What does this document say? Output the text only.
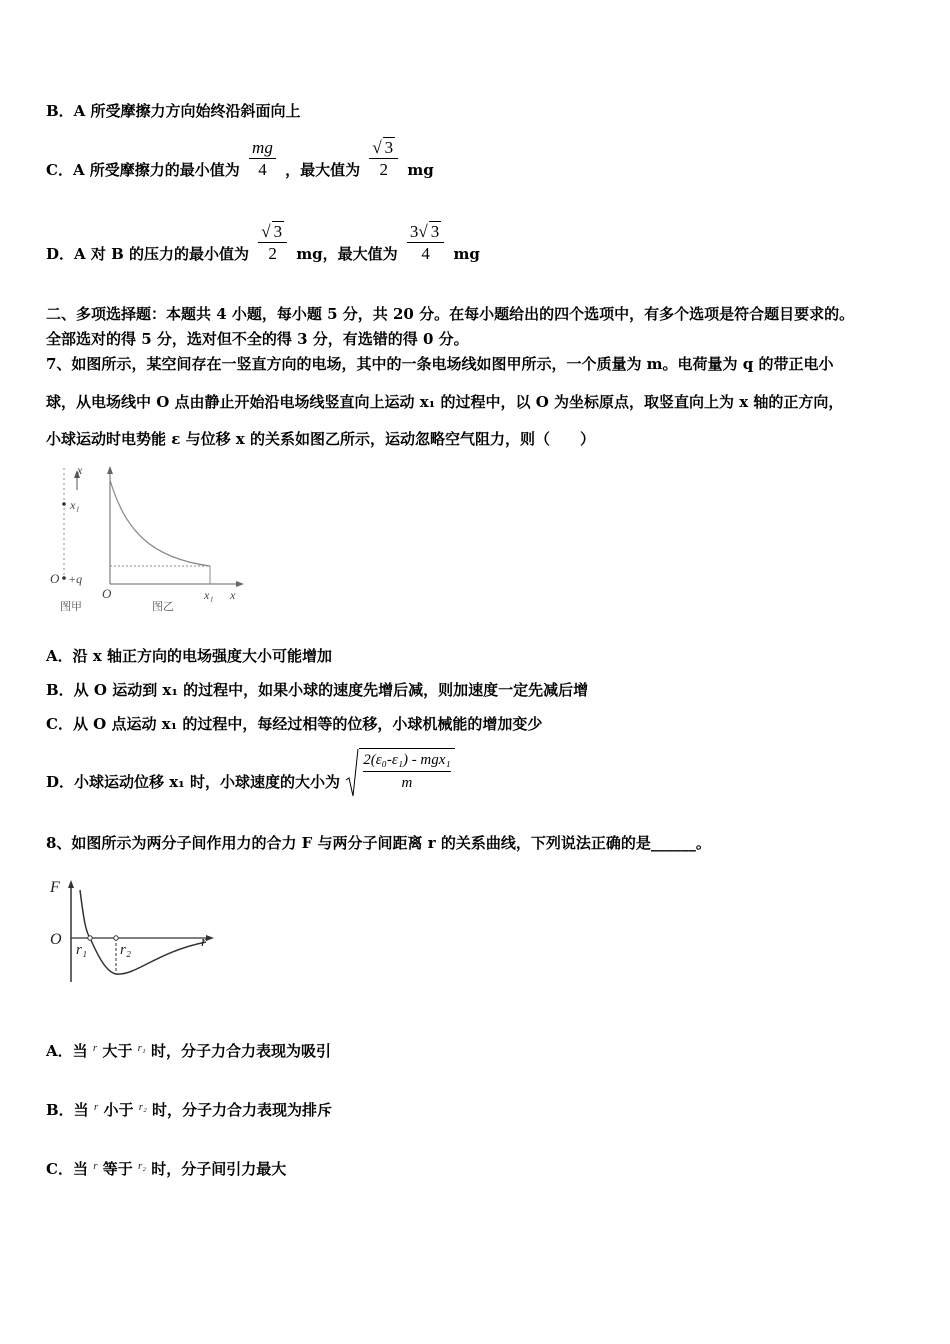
B．A 所受摩擦力方向始终沿斜面向上
C．A 所受摩擦力的最小值为 $\frac{mg}{4}$ ，最大值为 $\frac{√ 3}{2}$ mg
D．A 对 B 的压力的最小值为 $\frac{√ 3}{2}$ mg，最大值为 $\frac{3√ 3}{4}$ mg
二、多项选择题：本题共 4 小题，每小题 5 分，共 20 分。在每小题给出的四个选项中，有多个选项是符合题目要求的。
全部选对的得 5 分，选对但不全的得 3 分，有选错的得 0 分。
7、如图所示，某空间存在一竖直方向的电场，其中的一条电场线如图甲所示，一个质量为 m。电荷量为 q 的带正电小
球，从电场线中 O 点由静止开始沿电场线竖直向上运动 x₁ 的过程中，以 O 为坐标原点，取竖直向上为 x 轴的正方向，
小球运动时电势能 ε 与位移 x 的关系如图乙所示，运动忽略空气阻力，则（　　）
x
x₁
O +q
图甲
O	x₁ x
图乙
A．沿 x 轴正方向的电场强度大小可能增加
B．从 O 运动到 x₁ 的过程中，如果小球的速度先增后减，则加速度一定先减后增
C．从 O 点运动 x₁ 的过程中，每经过相等的位移，小球机械能的增加变少
D．小球运动位移 x₁ 时，小球速度的大小为 $\frac{\text{2(ε₀-ε₁) - mgx₁}}{m}$
8、如图所示为两分子间作用力的合力 F 与两分子间距离 r 的关系曲线，下列说法正确的是______。
F
O
r₁ r₂	r
A．当 $^r$ 大于 $^{r_1}$ 时，分子力合力表现为吸引
B．当 $^r$ 小于 $^{r_2}$ 时，分子力合力表现为排斥
C．当 $^r$ 等于 $^{r_2}$ 时，分子间引力最大
